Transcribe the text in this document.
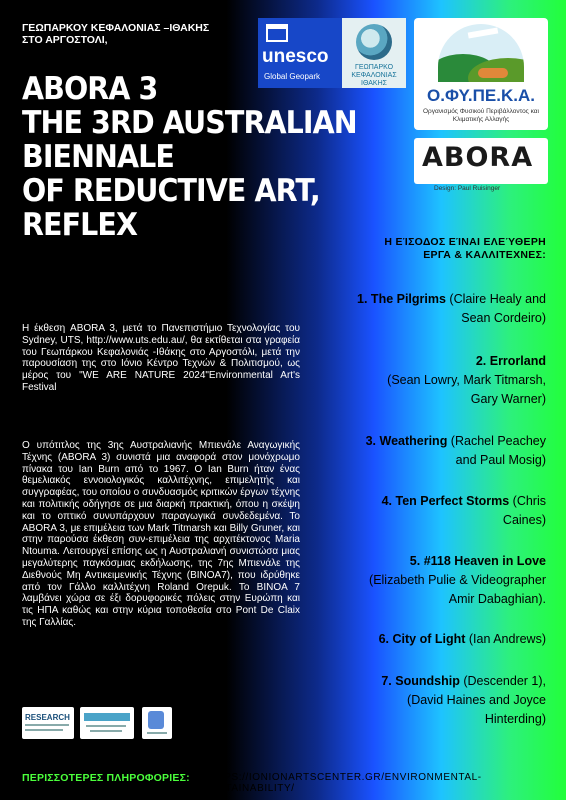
ΓΕΩΠΑΡΚΟΥ ΚΕΦΑΛΟΝΙΑΣ –ΙΘΑΚΗΣ
ΣΤΟ ΑΡΓΟΣΤΟΛΙ,
ABORA 3
THE 3RD AUSTRALIAN
BIENNALE
OF REDUCTIVE ART,
REFLEX
unesco
Global Geopark
ΓΕΩΠΑΡΚΟ ΚΕΦΑΛΟΝΙΑΣ ΙΘΑΚΗΣ
Ο.ΦΥ.ΠΕ.Κ.Α.
Οργανισμός Φυσικού Περιβάλλοντος και Κλιματικής Αλλαγής
ABORA
Design: Paul Ruisinger
Η ΕΊΣΟΔΟΣ ΕΊΝΑΙ ΕΛΕΎΘΕΡΗ
ΕΡΓΑ & ΚΑΛΛΙΤΕΧΝΕΣ:
1. The Pilgrims (Claire Healy and
Sean Cordeiro)
2. Errorland
(Sean Lowry, Mark Titmarsh,
Gary Warner)
3. Weathering (Rachel Peachey
and Paul Mosig)
4. Ten Perfect Storms (Chris
Caines)
5. #118 Heaven in Love
(Elizabeth Pulie & Videographer
Amir Dabaghian).
6. City of Light (Ian Andrews)
7. Soundship (Descender 1),
(David Haines and Joyce
Hinterding)
Η έκθεση ABORA 3, μετά το Πανεπιστήμιο Τεχνολογίας του Sydney, UTS, http://www.uts.edu.au/, θα εκτίθεται στα γραφεία του Γεωπάρκου Κεφαλονιάς -Ιθάκης στο Αργοστόλι, μετά την παρουσίαση της στο Ιόνιο Κέντρο Τεχνών & Πολιτισμού, ως μέρος του "WE ARE NATURE 2024"Environmental Art's Festival
Ο υπότιτλος της 3ης Αυστραλιανής Μπιενάλε Αναγωγικής Τέχνης (ABORA 3) συνιστά μια αναφορά στον μονόχρωμο πίνακα του Ian Burn από το 1967. Ο Ian Burn ήταν ένας θεμελιακός εννοιολογικός καλλιτέχνης, επιμελητής και συγγραφέας, του οποίου ο συνδυασμός κριτικών έργων τέχνης και πολιτικής οδήγησε σε μια διαρκή πρακτική, όπου η σκέψη και το οπτικό συνυπάρχουν παραγωγικά συνδεδεμένα. Το ABORA 3, με επιμέλεια των Mark Titmarsh και Billy Gruner, και στην παρούσα έκθεση συν-επιμέλεια της αρχιτέκτονος Maria Ntouma. Λειτουργεί επίσης ως η Αυστραλιανή συνιστώσα μιας μεγαλύτερης παγκόσμιας εκδήλωσης, της 7ης Μπιενάλε της Διεθνούς Μη Αντικειμενικής Τέχνης (BINOA7), που ιδρύθηκε από τον Γάλλο καλλιτέχνη Roland Orepuk. Το BINOA 7 λαμβάνει χώρα σε έξι δορυφορικές πόλεις στην Ευρώπη και τις ΗΠΑ καθώς και στην κύρια τοποθεσία στο Pont De Claix της Γαλλίας.
RESEARCH
ΠΕΡΙΣΣΟΤΕΡΕΣ ΠΛΗΡΟΦΟΡΙΕΣ: HTTPS://IONIONARTSCENTER.GR/ENVIRONMENTAL-SUSTAINABILITY/
